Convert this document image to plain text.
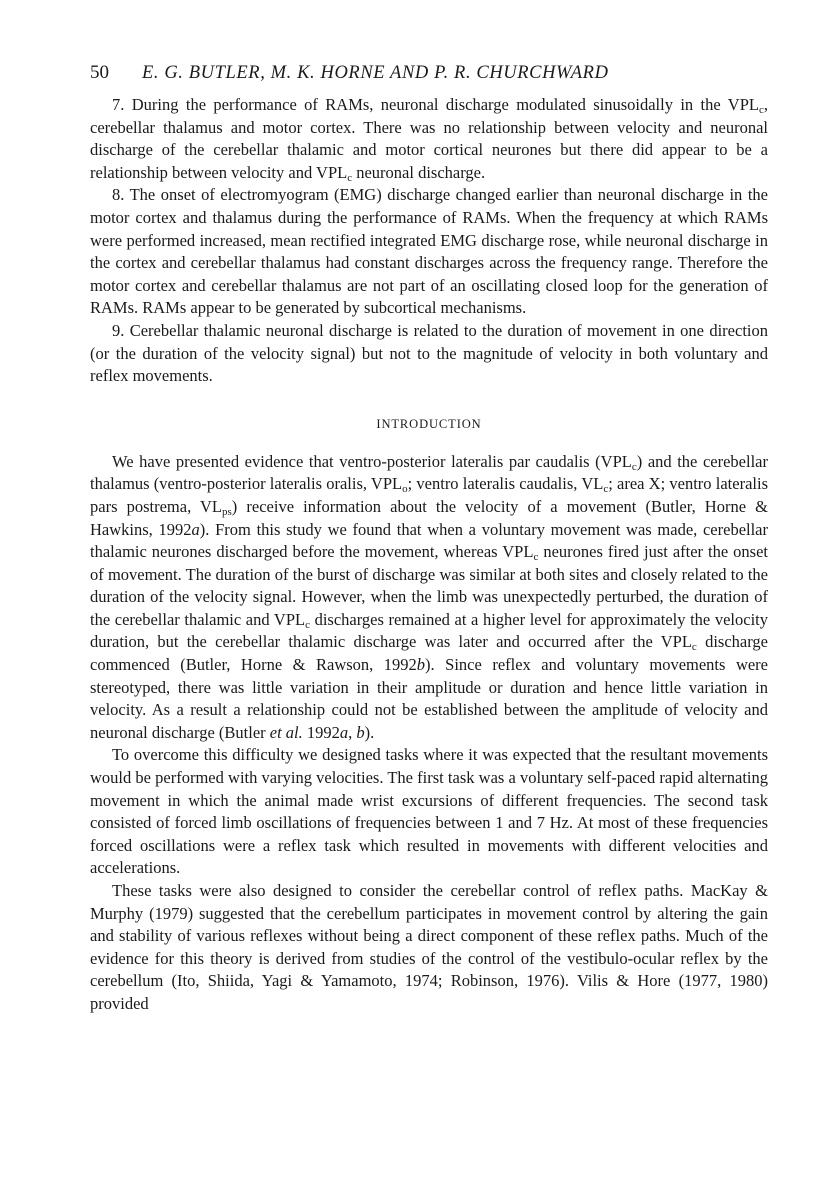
50	E. G. BUTLER, M. K. HORNE AND P. R. CHURCHWARD

7. During the performance of RAMs, neuronal discharge modulated sinusoidally in the $VPL_c$, cerebellar thalamus and motor cortex. There was no relationship between velocity and neuronal discharge of the cerebellar thalamic and motor cortical neurones but there did appear to be a relationship between velocity and $VPL_c$ neuronal discharge.

8. The onset of electromyogram (EMG) discharge changed earlier than neuronal discharge in the motor cortex and thalamus during the performance of RAMs. When the frequency at which RAMs were performed increased, mean rectified integrated EMG discharge rose, while neuronal discharge in the cortex and cerebellar thalamus had constant discharges across the frequency range. Therefore the motor cortex and cerebellar thalamus are not part of an oscillating closed loop for the generation of RAMs. RAMs appear to be generated by subcortical mechanisms.

9. Cerebellar thalamic neuronal discharge is related to the duration of movement in one direction (or the duration of the velocity signal) but not to the magnitude of velocity in both voluntary and reflex movements.

INTRODUCTION

We have presented evidence that ventro-posterior lateralis par caudalis $(VPL_c)$ and the cerebellar thalamus (ventro-posterior lateralis oralis, $VPL_o$; ventro lateralis caudalis, $VL_c$; area X; ventro lateralis pars postrema, $VL_{ps}$) receive information about the velocity of a movement (Butler, Horne & Hawkins, 1992a). From this study we found that when a voluntary movement was made, cerebellar thalamic neurones discharged before the movement, whereas $VPL_c$ neurones fired just after the onset of movement. The duration of the burst of discharge was similar at both sites and closely related to the duration of the velocity signal. However, when the limb was unexpectedly perturbed, the duration of the cerebellar thalamic and $VPL_c$ discharges remained at a higher level for approximately the velocity duration, but the cerebellar thalamic discharge was later and occurred after the $VPL_c$ discharge commenced (Butler, Horne & Rawson, 1992b). Since reflex and voluntary movements were stereotyped, there was little variation in their amplitude or duration and hence little variation in velocity. As a result a relationship could not be established between the amplitude of velocity and neuronal discharge (Butler et al. 1992a, b).

To overcome this difficulty we designed tasks where it was expected that the resultant movements would be performed with varying velocities. The first task was a voluntary self-paced rapid alternating movement in which the animal made wrist excursions of different frequencies. The second task consisted of forced limb oscillations of frequencies between 1 and 7 Hz. At most of these frequencies forced oscillations were a reflex task which resulted in movements with different velocities and accelerations.

These tasks were also designed to consider the cerebellar control of reflex paths. MacKay & Murphy (1979) suggested that the cerebellum participates in movement control by altering the gain and stability of various reflexes without being a direct component of these reflex paths. Much of the evidence for this theory is derived from studies of the control of the vestibulo-ocular reflex by the cerebellum (Ito, Shiida, Yagi & Yamamoto, 1974; Robinson, 1976). Vilis & Hore (1977, 1980) provided
